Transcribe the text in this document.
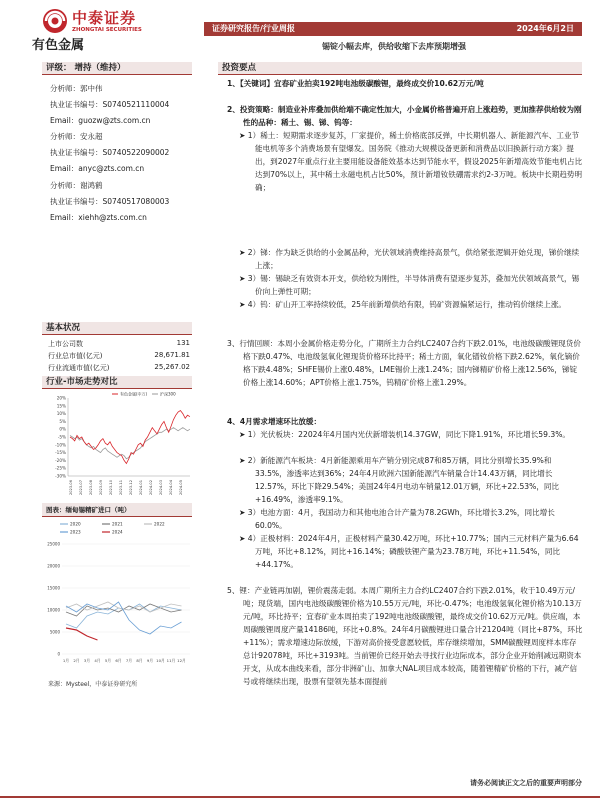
中泰证券
ZHONGTAI SECURITIES	证券研究报告/行业周报	2024年6月2日
有色金属	锡锭小幅去库，供给收缩下去库预期增强
评级： 增持（维持）
分析师：郭中伟
执业证书编号：S0740521110004
Email：guozw@zts.com.cn
分析师：安永超
执业证书编号：S0740522090002
Email：anyc@zts.com.cn
分析师：谢鸿鹤
执业证书编号：S0740517080003
Email：xiehh@zts.com.cn
基本状况
上市公司数	131
行业总市值(亿元)	28,671.81
行业流通市值(亿元)	25,267.02
行业-市场走势对比
20%
15%
10%
5%
0%
-5%
-10%
-15%
-20%
-25%
-30%
2023-06 2023-07 2023-08 2023-09 2023-10 2023-11 2023-12 2024-01 2024-02 2024-03 2024-04 2024-05
有色金属(中万)	沪深300
图表：缅甸锡精矿进口（吨）
2020	2021	2022
2023	2024
25000
20000
15000
10000
5000
0
1月 2月 3月 4月 5月 6月 7月 8月 9月 10月 11月 12月
来源：Mysteel，中泰证券研究所
投资要点
1、【关键词】宜春矿业拍卖192吨电池级碳酸锂，最终成交价10.62万元/吨
2、投资策略：制造业补库叠加供给端不确定性加大，小金属价格普遍开启上涨趋势，更加推荐供给较为刚性的品种：稀土、锡、锑、钨等：
➤ 1）稀土：短期需求逐步复苏，厂家提价，稀土价格底部反弹，中长期机器人、新能源汽车、工业节能电机等多个消费场景有望爆发。国务院《推动大规模设备更新和消费品以旧换新行动方案》提出，到2027年重点行业主要用能设备能效基本达到节能水平，假设2025年新增高效节能电机占比达到70%以上，其中稀土永磁电机占比50%，预计新增钕铁硼需求约2-3万吨。板块中长期趋势明确；
➤ 2）锑：作为缺乏供给的小金属品种，光伏领域消费维持高景气，供给紧张逻辑开始兑现，锑价继续上涨；
➤ 3）锡：锡缺乏有效资本开支，供给较为刚性，半导体消费有望逐步复苏，叠加光伏领域高景气，锡价向上弹性可期；
➤ 4）钨：矿山开工率持续较低，25年前新增供给有限，钨矿资源偏紧运行，推动钨价继续上涨。
3、行情回顾：本周小金属价格走势分化，广期所主力合约LC2407合约下跌2.01%，电池级碳酸锂现货价格下跌0.47%、电池级氢氧化锂现货价格环比持平；稀土方面，氧化镨钕价格下跌2.62%，氧化镝价格下跌4.48%；SHFE锡价上涨0.48%，LME锡价上涨1.24%；国内锑精矿价格上涨12.56%，锑锭价格上涨14.60%；APT价格上涨1.75%，钨精矿价格上涨1.29%。
4、4月需求增速环比放缓：
➤ 1）光伏板块：22024年4月国内光伏新增装机14.37GW，同比下降1.91%，环比增长59.3%。
➤ 2）新能源汽车板块：4月新能源乘用车产销分别完成87和85万辆，同比分别增长35.9%和33.5%，渗透率达到36%；24年4月欧洲六国新能源汽车销量合计14.43万辆，同比增长12.57%，环比下降29.54%；美国24年4月电动车销量12.01万辆，环比+22.53%，同比+16.49%，渗透率9.1%。
➤ 3）电池方面：4月，我国动力和其他电池合计产量为78.2GWh，环比增长3.2%，同比增长60.0%。
➤ 4）正极材料：2024年4月，正极材料产量30.42万吨，环比+10.77%；国内三元材料产量为6.64万吨，环比+8.12%，同比+16.14%；磷酸铁锂产量为23.78万吨，环比+11.54%，同比+44.17%。
5、锂：产业链再加剧，锂价震荡走弱。本周广期所主力合约LC2407合约下跌2.01%，收于10.49万元/吨；现货端，国内电池级碳酸锂价格为10.55万元/吨，环比-0.47%；电池级氢氧化锂价格为10.13万元/吨，环比持平；宜春矿业本周拍卖了192吨电池级碳酸锂，最终成交价10.62万元/吨。供应端，本周碳酸锂周度产量14186吨，环比+0.8%。24年4月碳酸锂进口量合计21204吨（同比+87%，环比+11%）；需求增速边际放缓，下游对高价接受意愿较低，库存继续增加，SMM碳酸锂周度样本库存总计92078吨，环比+3193吨。当前锂价已经开始去寻找行业边际成本，部分企业开始削减远期资本开支，从成本曲线来看，部分非洲矿山、加拿大NAL项目成本较高，随着锂精矿价格的下行，减产信号或将继续出现，股票有望领先基本面提前
请务必阅读正文之后的重要声明部分
